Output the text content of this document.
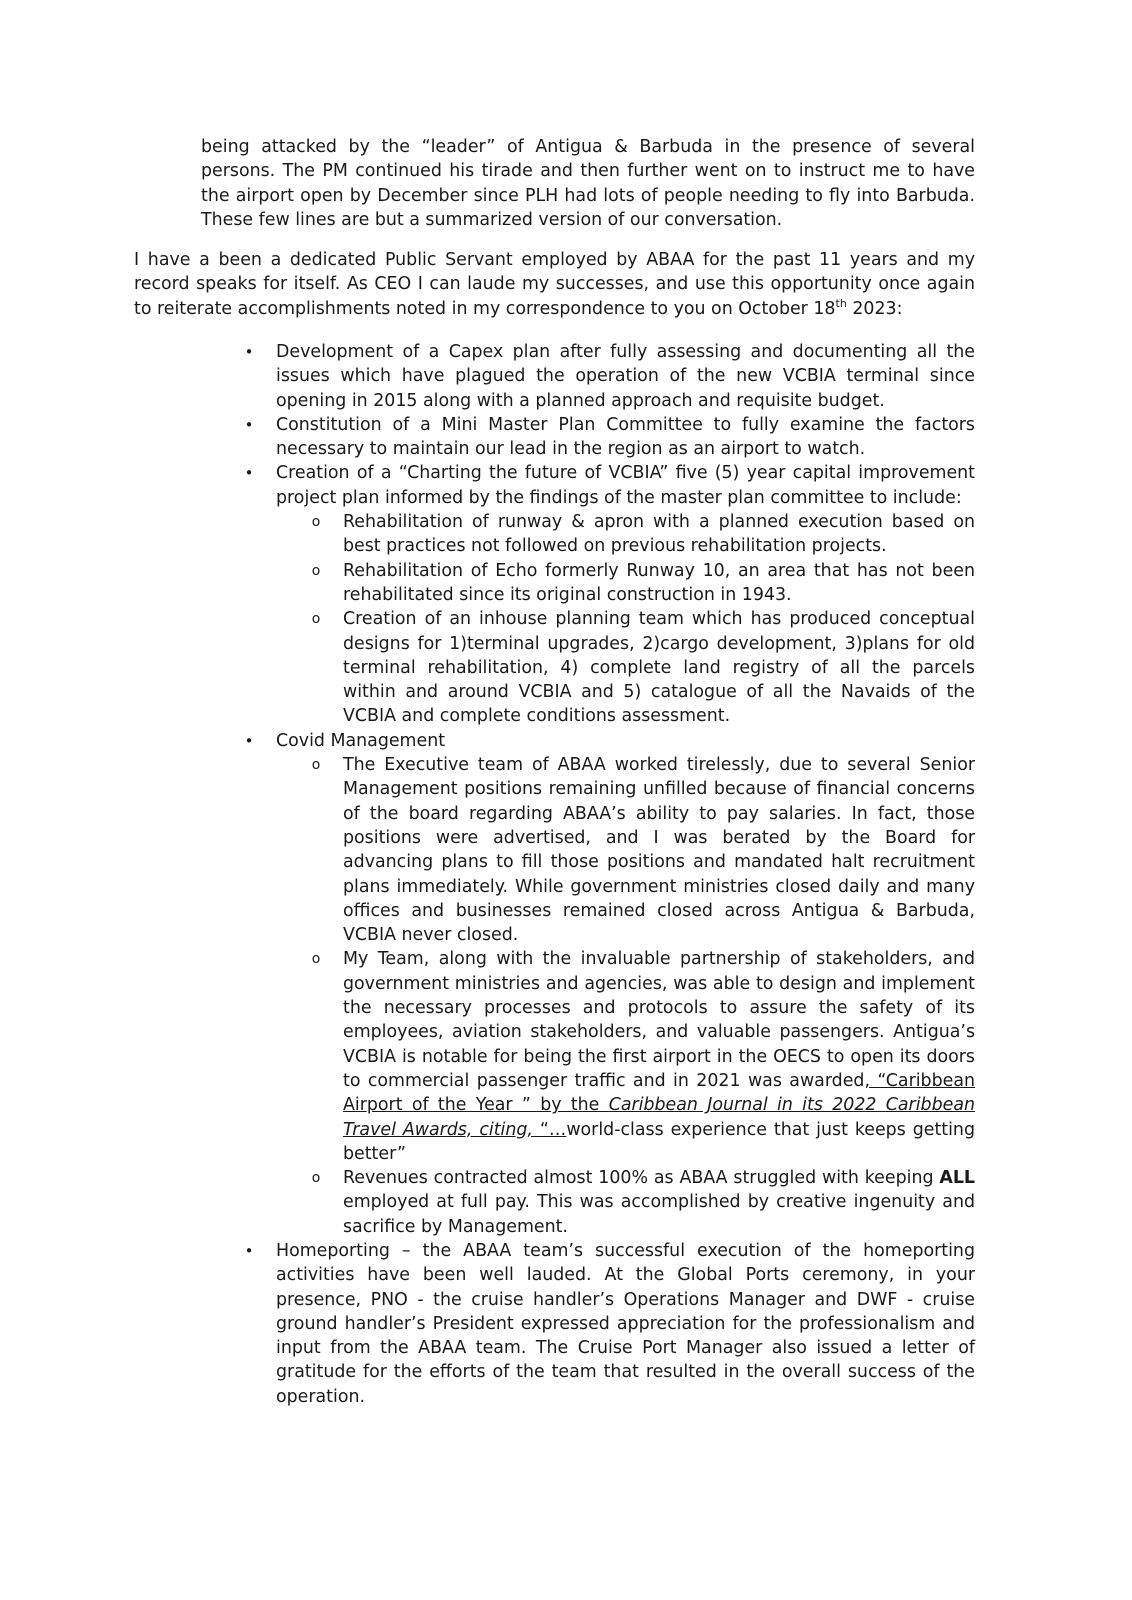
being attacked by the “leader” of Antigua & Barbuda in the presence of several persons. The PM continued his tirade and then further went on to instruct me to have the airport open by December since PLH had lots of people needing to fly into Barbuda. These few lines are but a summarized version of our conversation.

I have a been a dedicated Public Servant employed by ABAA for the past 11 years and my record speaks for itself. As CEO I can laude my successes, and use this opportunity once again to reiterate accomplishments noted in my correspondence to you on October 18th 2023:

• Development of a Capex plan after fully assessing and documenting all the issues which have plagued the operation of the new VCBIA terminal since opening in 2015 along with a planned approach and requisite budget.
• Constitution of a Mini Master Plan Committee to fully examine the factors necessary to maintain our lead in the region as an airport to watch.
• Creation of a “Charting the future of VCBIA” five (5) year capital improvement project plan informed by the findings of the master plan committee to include:
o Rehabilitation of runway & apron with a planned execution based on best practices not followed on previous rehabilitation projects.
o Rehabilitation of Echo formerly Runway 10, an area that has not been rehabilitated since its original construction in 1943.
o Creation of an inhouse planning team which has produced conceptual designs for 1)terminal upgrades, 2)cargo development, 3)plans for old terminal rehabilitation, 4) complete land registry of all the parcels within and around VCBIA and 5) catalogue of all the Navaids of the VCBIA and complete conditions assessment.
• Covid Management
o The Executive team of ABAA worked tirelessly, due to several Senior Management positions remaining unfilled because of financial concerns of the board regarding ABAA’s ability to pay salaries. In fact, those positions were advertised, and I was berated by the Board for advancing plans to fill those positions and mandated halt recruitment plans immediately. While government ministries closed daily and many offices and businesses remained closed across Antigua & Barbuda, VCBIA never closed.
o My Team, along with the invaluable partnership of stakeholders, and government ministries and agencies, was able to design and implement the necessary processes and protocols to assure the safety of its employees, aviation stakeholders, and valuable passengers. Antigua’s VCBIA is notable for being the first airport in the OECS to open its doors to commercial passenger traffic and in 2021 was awarded, “Caribbean Airport of the Year ” by the Caribbean Journal in its 2022 Caribbean Travel Awards, citing, “…world-class experience that just keeps getting better”
o Revenues contracted almost 100% as ABAA struggled with keeping ALL employed at full pay. This was accomplished by creative ingenuity and sacrifice by Management.
• Homeporting – the ABAA team’s successful execution of the homeporting activities have been well lauded. At the Global Ports ceremony, in your presence, PNO - the cruise handler’s Operations Manager and DWF - cruise ground handler’s President expressed appreciation for the professionalism and input from the ABAA team. The Cruise Port Manager also issued a letter of gratitude for the efforts of the team that resulted in the overall success of the operation.
